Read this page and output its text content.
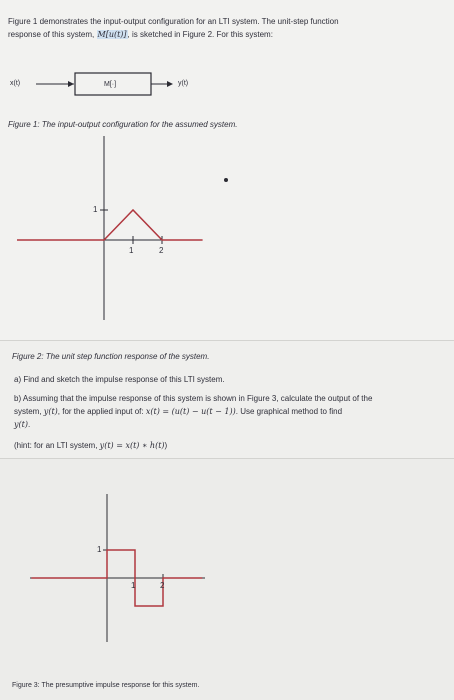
Figure 1 demonstrates the input-output configuration for an LTI system. The unit-step function
response of this system, M[u(t)], is sketched in Figure 2. For this system:
x(t)	M[·]	y(t)
Figure 1: The input-output configuration for the assumed system.
1
1	2
Figure 2: The unit step function response of the system.
a) Find and sketch the impulse response of this LTI system.
b) Assuming that the impulse response of this system is shown in Figure 3, calculate the output of the
system, y(t), for the applied input of: x(t) = (u(t) − u(t − 1)). Use graphical method to find
y(t).
(hint: for an LTI system, y(t) = x(t) ∗ h(t))
1
1	2
Figure 3: The presumptive impulse response for this system.
